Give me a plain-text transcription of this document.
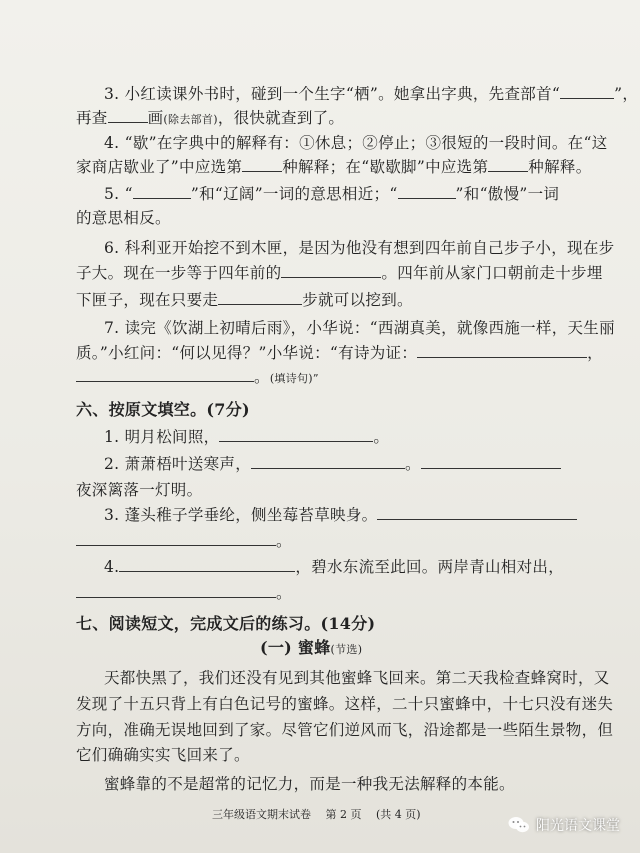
3. 小红读课外书时，碰到一个生字“栖”。她拿出字典，先查部首“	”，
再查	画(除去部首)，很快就查到了。
4. “歇”在字典中的解释有：①休息；②停止；③很短的一段时间。在“这
家商店歇业了”中应选第	种解释；在“歇歇脚”中应选第	种解释。
5. “	”和“辽阔”一词的意思相近；“	”和“傲慢”一词
的意思相反。
6. 科利亚开始挖不到木匣，是因为他没有想到四年前自己步子小，现在步
子大。现在一步等于四年前的	。四年前从家门口朝前走十步埋
下匣子，现在只要走	步就可以挖到。
7. 读完《饮湖上初晴后雨》，小华说：“西湖真美，就像西施一样，天生丽
质。”小红问：“何以见得？”小华说：“有诗为证：	，
。(填诗句)”
六、按原文填空。(7分)
1. 明月松间照，	。
2. 萧萧梧叶送寒声，	。
夜深篱落一灯明。
3. 蓬头稚子学垂纶，侧坐莓苔草映身。
。
4.	，碧水东流至此回。两岸青山相对出，
。
七、阅读短文，完成文后的练习。(14分)
(一) 蜜蜂(节选)
天都快黑了，我们还没有见到其他蜜蜂飞回来。第二天我检查蜂窝时，又
发现了十五只背上有白色记号的蜜蜂。这样，二十只蜜蜂中，十七只没有迷失
方向，准确无误地回到了家。尽管它们逆风而飞，沿途都是一些陌生景物，但
它们确确实实飞回来了。
蜜蜂靠的不是超常的记忆力，而是一种我无法解释的本能。
三年级语文期末试卷　 第 2 页 　(共 4 页)
阳光语文课堂
